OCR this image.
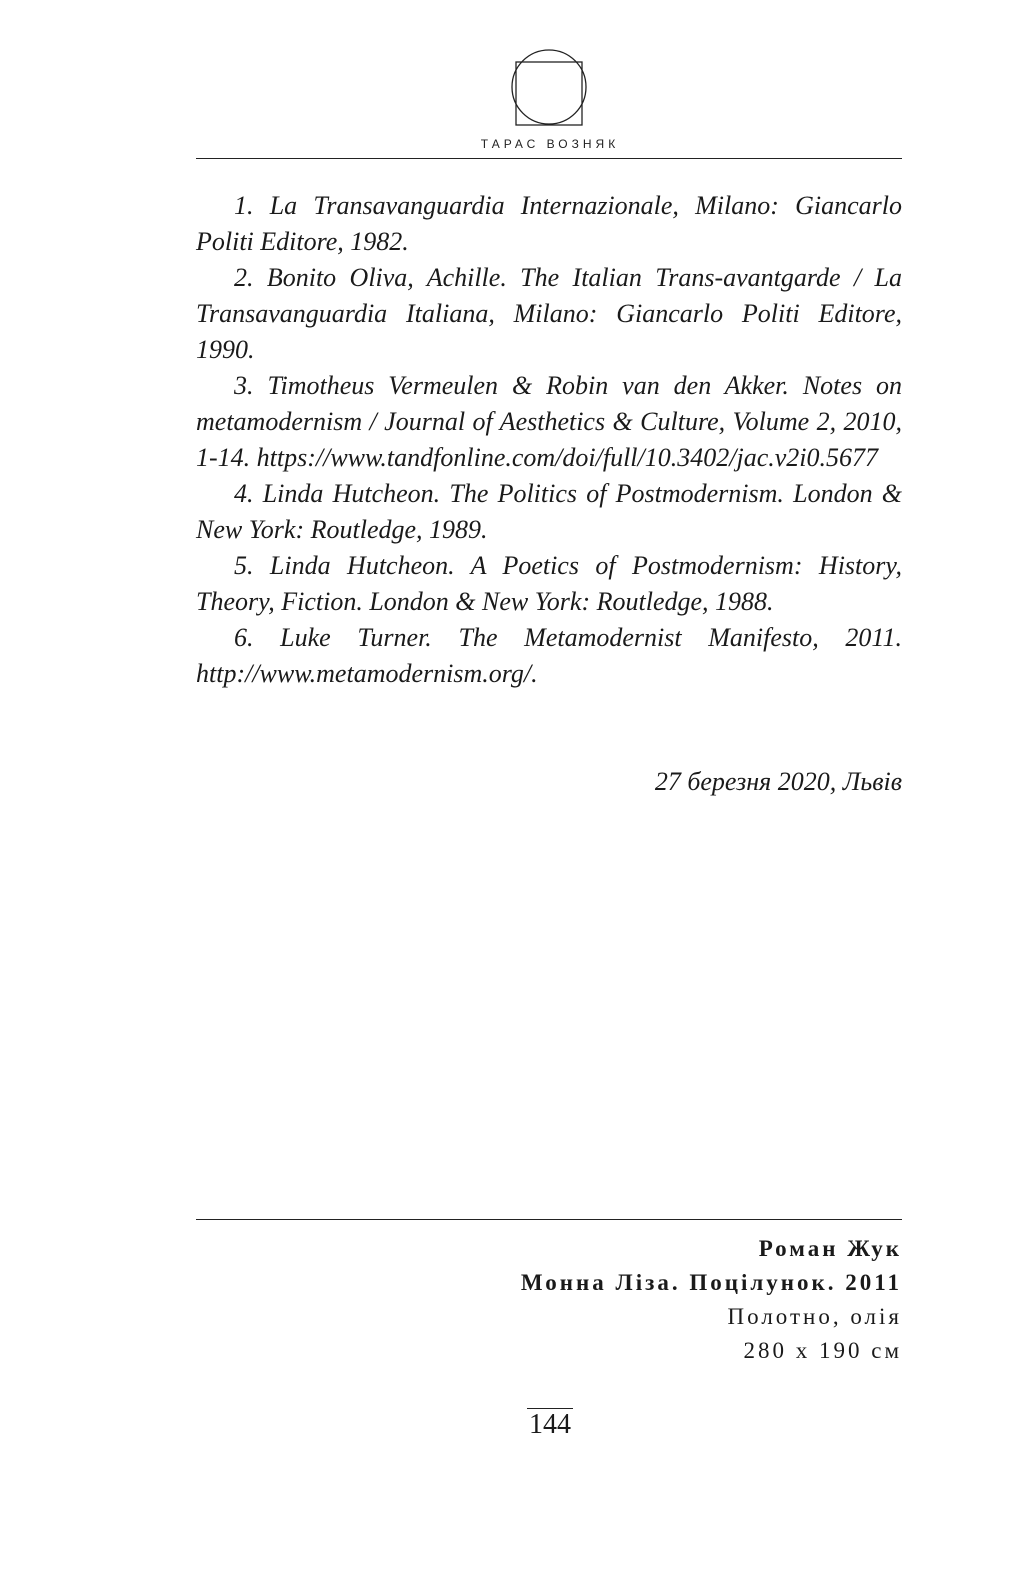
ТАРАС ВОЗНЯК

1. La Transavanguardia Internazionale, Milano: Giancarlo Politi Editore, 1982.

2. Bonito Oliva, Achille. The Italian Trans-avantgarde / La Transavanguardia Italiana, Milano: Giancarlo Politi Editore, 1990.

3. Timotheus Vermeulen & Robin van den Akker. Notes on metamodernism / Journal of Aesthetics & Culture, Volume 2, 2010, 1-14. https://www.tandfonline.com/doi/full/10.3402/jac.v2i0.5677

4. Linda Hutcheon. The Politics of Postmodernism. London & New York: Routledge, 1989.

5. Linda Hutcheon. A Poetics of Postmodernism: History, Theory, Fiction. London & New York: Routledge, 1988.

6. Luke Turner. The Metamodernist Manifesto, 2011. http://www.metamodernism.org/.

27 березня 2020, Львів
Роман Жук
Монна Ліза. Поцілунок. 2011
Полотно, олія
280 x 190 см
144
